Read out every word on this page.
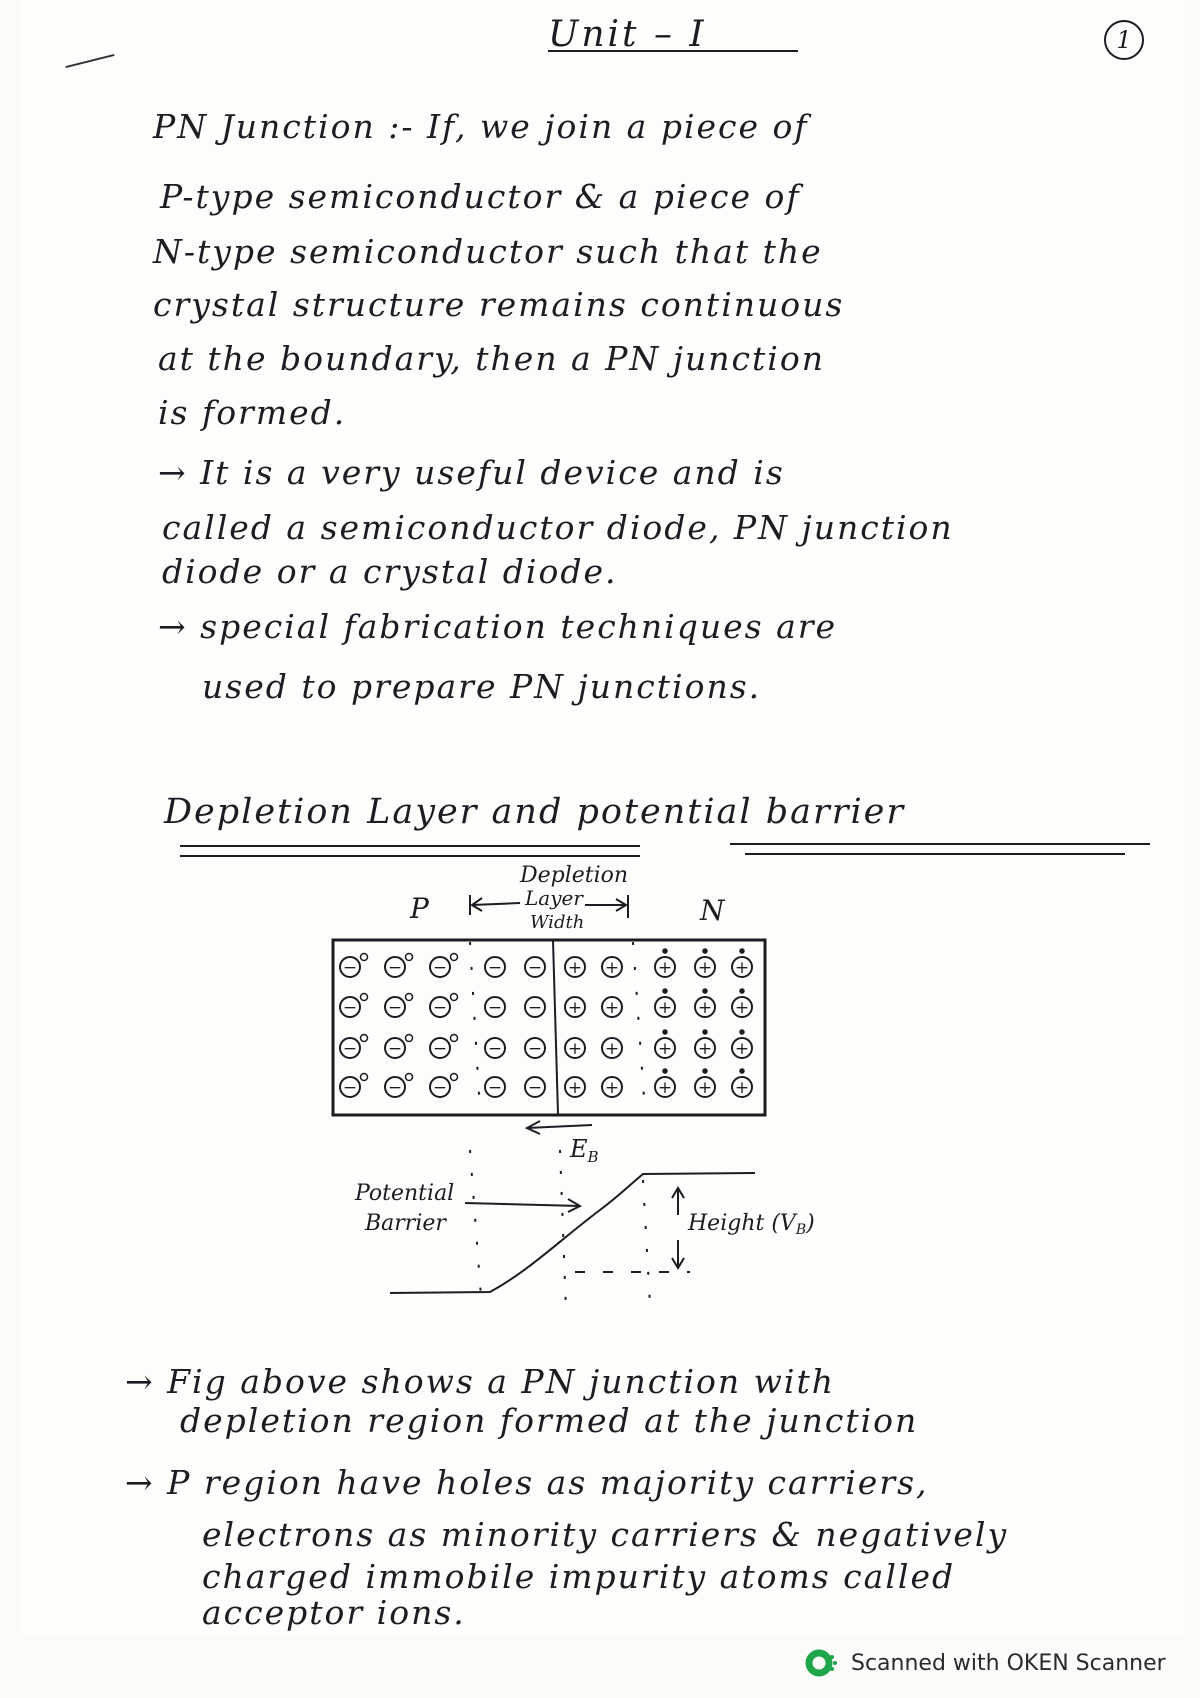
Unit – I	1
PN Junction :- If, we join a piece of
P-type semiconductor & a piece of
N-type semiconductor such that the
crystal structure remains continuous
at the boundary, then a PN junction
is formed.
→ It is a very useful device and is
called a semiconductor diode, PN junction
diode or a crystal diode.
→ special fabrication techniques are
used to prepare PN junctions.
Depletion Layer and potential barrier
Depletion
P	N
Layer
Width
− − − − − + + + + +
− − − − − + + + + +
− − − − − + + + + +
− − − − − + + + + +
$E_B$
Potential
Barrier	Height (VB)
→ Fig above shows a PN junction with
depletion region formed at the junction
→ P region have holes as majority carriers,
electrons as minority carriers & negatively
charged immobile impurity atoms called
acceptor ions.
Scanned with OKEN Scanner
